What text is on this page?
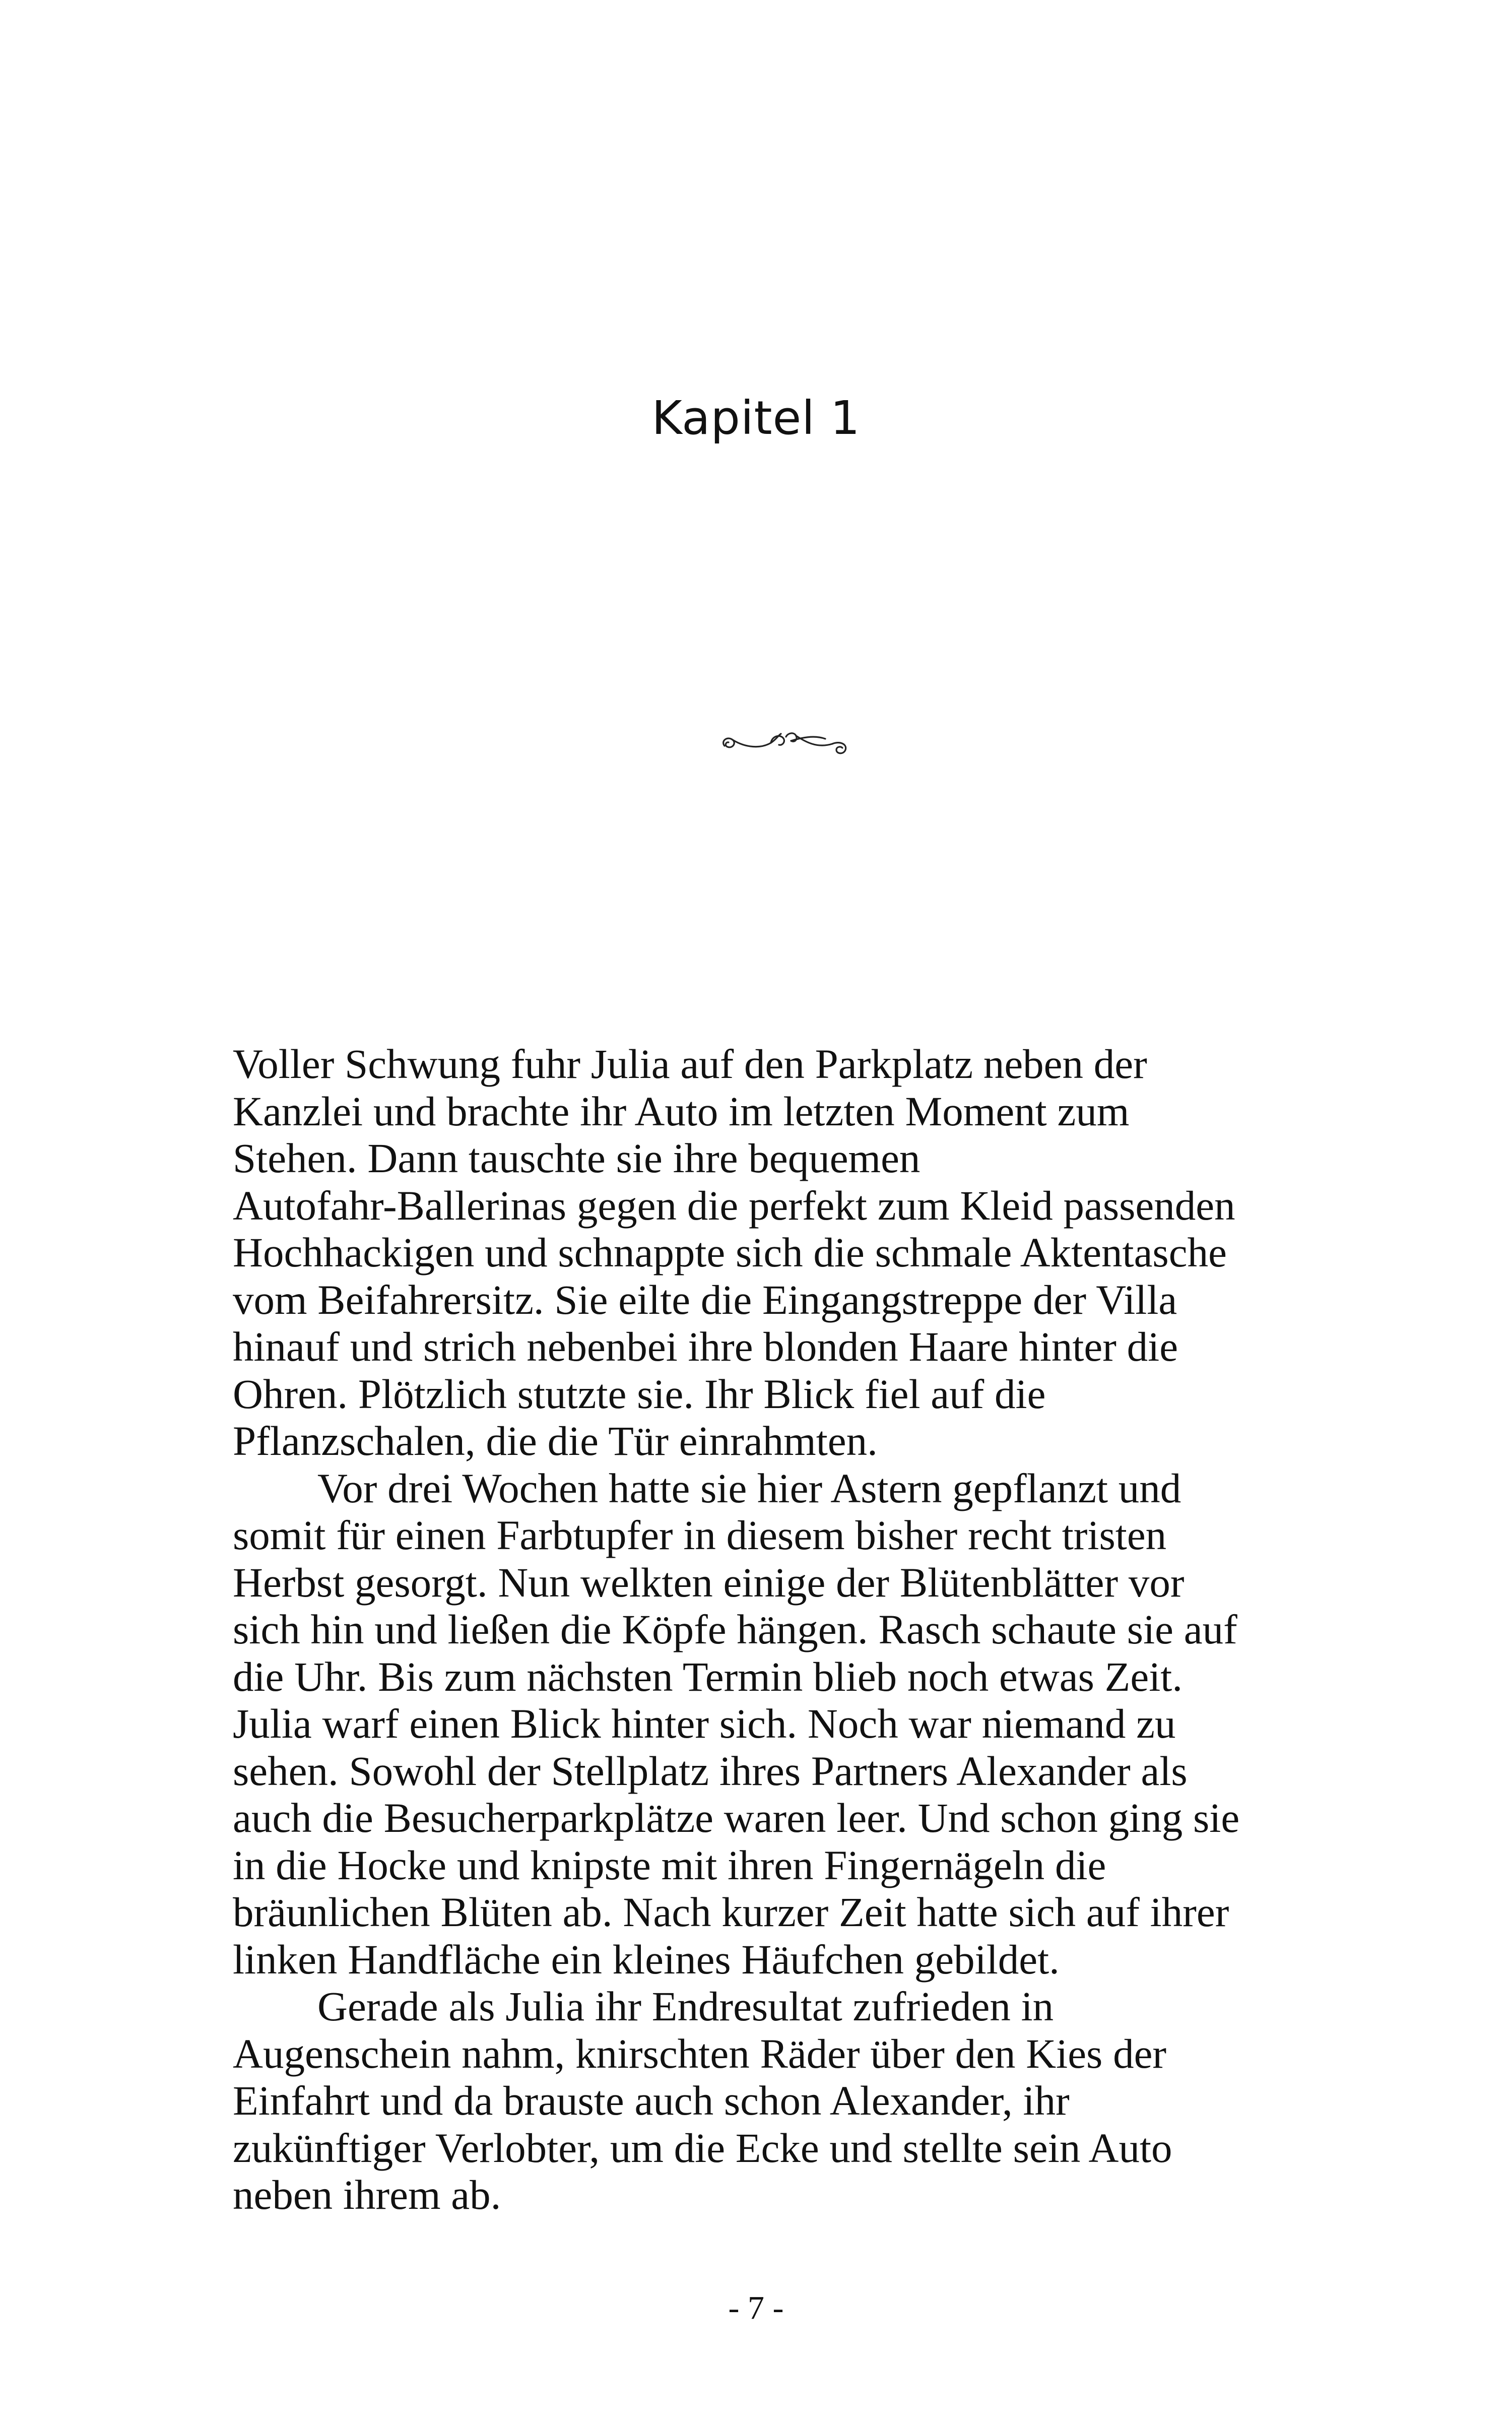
Kapitel 1

Voller Schwung fuhr Julia auf den Parkplatz neben der

Kanzlei und brachte ihr Auto im letzten Moment zum

Stehen. Dann tauschte sie ihre bequemen

Autofahr-Ballerinas gegen die perfekt zum Kleid passenden

Hochhackigen und schnappte sich die schmale Aktentasche

vom Beifahrersitz. Sie eilte die Eingangstreppe der Villa

hinauf und strich nebenbei ihre blonden Haare hinter die

Ohren. Plötzlich stutzte sie. Ihr Blick fiel auf die

Pflanzschalen, die die Tür einrahmten.

Vor drei Wochen hatte sie hier Astern gepflanzt und

somit für einen Farbtupfer in diesem bisher recht tristen

Herbst gesorgt. Nun welkten einige der Blütenblätter vor

sich hin und ließen die Köpfe hängen. Rasch schaute sie auf

die Uhr. Bis zum nächsten Termin blieb noch etwas Zeit.

Julia warf einen Blick hinter sich. Noch war niemand zu

sehen. Sowohl der Stellplatz ihres Partners Alexander als

auch die Besucherparkplätze waren leer. Und schon ging sie

in die Hocke und knipste mit ihren Fingernägeln die

bräunlichen Blüten ab. Nach kurzer Zeit hatte sich auf ihrer

linken Handfläche ein kleines Häufchen gebildet.

Gerade als Julia ihr Endresultat zufrieden in

Augenschein nahm, knirschten Räder über den Kies der

Einfahrt und da brauste auch schon Alexander, ihr

zukünftiger Verlobter, um die Ecke und stellte sein Auto

neben ihrem ab.

- 7 -
